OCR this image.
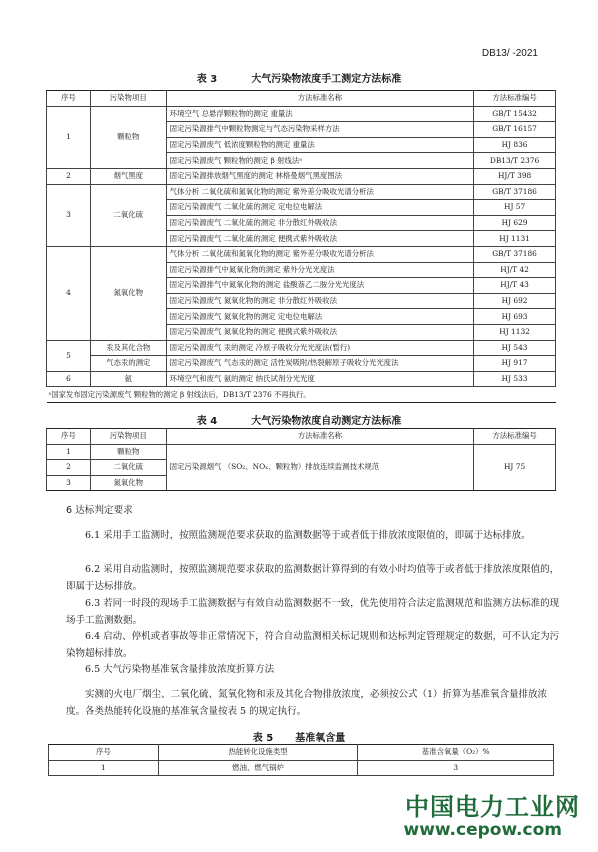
DB13/ -2021
表 3	大气污染物浓度手工测定方法标准
序号	污染物项目	方法标准名称	方法标准编号
1	颗粒物	环境空气 总悬浮颗粒物的测定 重量法	GB/T 15432
		固定污染源排气中颗粒物测定与气态污染物采样方法	GB/T 16157
		固定污染源废气 低浓度颗粒物的测定 重量法	HJ 836
		固定污染源废气 颗粒物的测定 β 射线法ᵃ	DB13/T 2376
2	烟气黑度	固定污染源排放烟气黑度的测定 林格曼烟气黑度图法	HJ/T 398
3	二氧化硫	气体分析 二氧化硫和氮氧化物的测定 紫外差分吸收光谱分析法	GB/T 37186
		固定污染源废气 二氧化硫的测定 定电位电解法	HJ 57
		固定污染源废气 二氧化硫的测定 非分散红外吸收法	HJ 629
		固定污染源废气 二氧化硫的测定 便携式紫外吸收法	HJ 1131
4	氮氧化物	气体分析 二氧化硫和氮氧化物的测定 紫外差分吸收光谱分析法	GB/T 37186
		固定污染源排气中氮氧化物的测定 紫外分光光度法	HJ/T 42
		固定污染源排气中氮氧化物的测定 盐酸萘乙二胺分光光度法	HJ/T 43
		固定污染源废气 氮氧化物的测定 非分散红外吸收法	HJ 692
		固定污染源废气 氮氧化物的测定 定电位电解法	HJ 693
		固定污染源废气 氮氧化物的测定 便携式紫外吸收法	HJ 1132
5	汞及其化合物	固定污染源废气 汞的测定 冷原子吸收分光光度法(暂行)	HJ 543
	气态汞的测定	固定污染源废气 气态汞的测定 活性炭吸附/热裂解原子吸收分光光度法	HJ 917
6	氨	环境空气和废气 氨的测定 纳氏试剂分光光度	HJ 533
ᵃ国家发布固定污染源废气 颗粒物的测定 β 射线法后，DB13/T 2376 不再执行。			
表 4	大气污染物浓度自动测定方法标准
序号	污染物项目	方法标准名称	方法标准编号
1	颗粒物	固定污染源烟气 （SO₂、NOₓ、颗粒物）排放连续监测技术规范	HJ 75
2	二氧化硫		
3	氮氧化物		
6 达标判定要求
6.1 采用手工监测时，按照监测规范要求获取的监测数据等于或者低于排放浓度限值的，即属于达标排放。
6.2 采用自动监测时，按照监测规范要求获取的监测数据计算得到的有效小时均值等于或者低于排放浓度限值的，即属于达标排放。
6.3 若同一时段的现场手工监测数据与有效自动监测数据不一致，优先使用符合法定监测规范和监测方法标准的现场手工监测数据。
6.4 启动、停机或者事故等非正常情况下，符合自动监测相关标记规则和达标判定管理规定的数据，可不认定为污染物超标排放。
6.5 大气污染物基准氧含量排放浓度折算方法
实测的火电厂烟尘、二氧化硫、氮氧化物和汞及其化合物排放浓度，必须按公式（1）折算为基准氧含量排放浓度。各类热能转化设施的基准氧含量按表 5 的规定执行。
表 5 基准氧含量
序号	热能转化设施类型	基准含氧量（O₂）%
1	燃油、燃气锅炉	3
中国电力工业网
www.cepow.com
